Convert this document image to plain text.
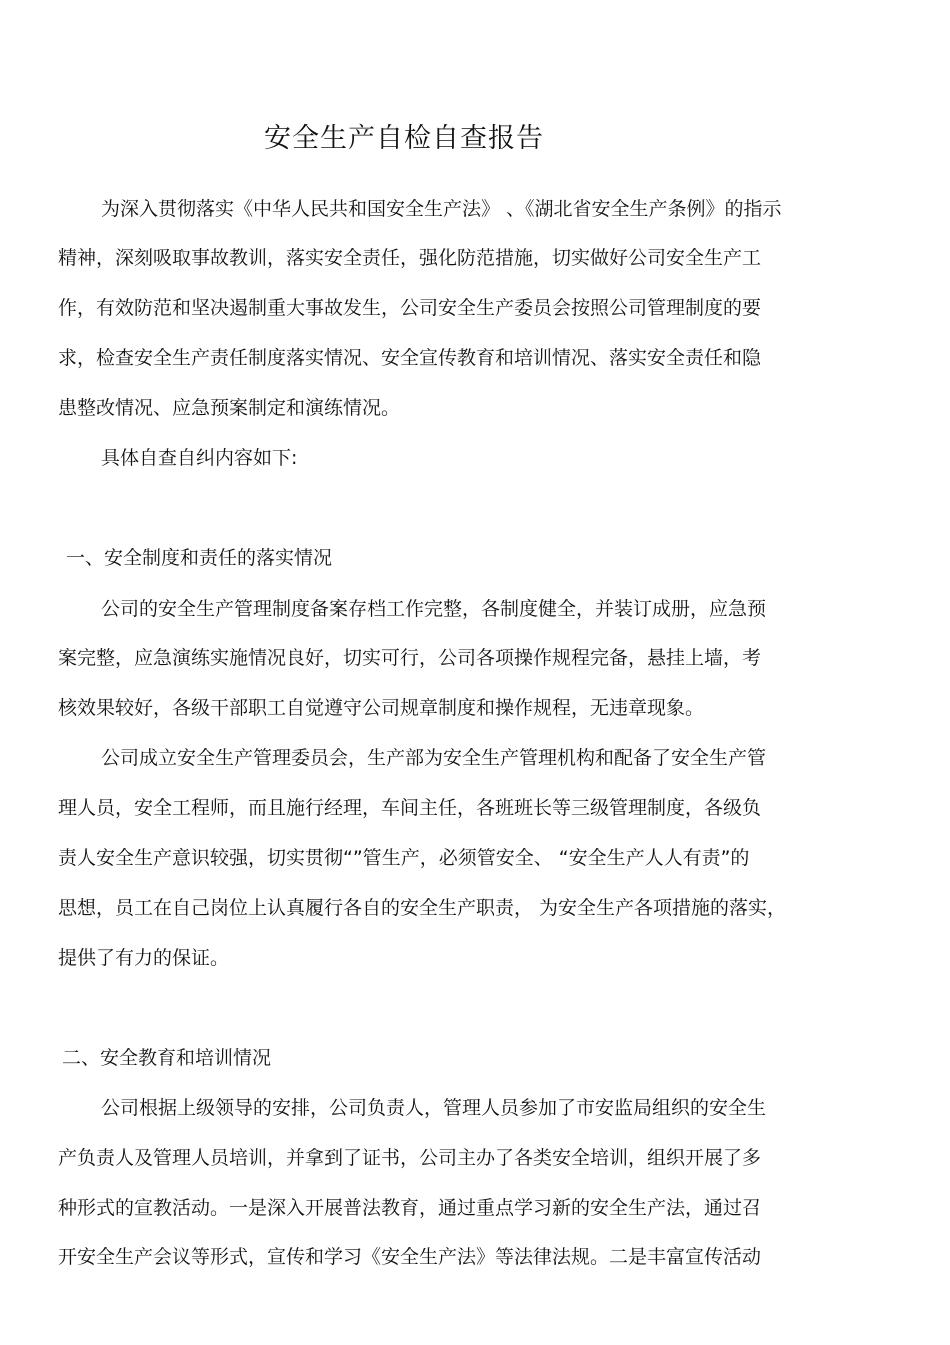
安全生产自检自查报告
为深入贯彻落实《中华人民共和国安全生产法》 、《湖北省安全生产条例》的指示
精神，深刻吸取事故教训，落实安全责任，强化防范措施，切实做好公司安全生产工
作，有效防范和坚决遏制重大事故发生，公司安全生产委员会按照公司管理制度的要
求，检查安全生产责任制度落实情况、安全宣传教育和培训情况、落实安全责任和隐
患整改情况、应急预案制定和演练情况。
具体自查自纠内容如下:
一、安全制度和责任的落实情况
公司的安全生产管理制度备案存档工作完整，各制度健全，并装订成册，应急预
案完整，应急演练实施情况良好，切实可行，公司各项操作规程完备，悬挂上墙，考
核效果较好，各级干部职工自觉遵守公司规章制度和操作规程，无违章现象。
公司成立安全生产管理委员会，生产部为安全生产管理机构和配备了安全生产管
理人员，安全工程师，而且施行经理，车间主任，各班班长等三级管理制度，各级负
责人安全生产意识较强，切实贯彻“”管生产，必须管安全、 “安全生产人人有责”的
思想，员工在自己岗位上认真履行各自的安全生产职责， 为安全生产各项措施的落实，
提供了有力的保证。
二、安全教育和培训情况
公司根据上级领导的安排，公司负责人，管理人员参加了市安监局组织的安全生
产负责人及管理人员培训，并拿到了证书，公司主办了各类安全培训，组织开展了多
种形式的宣教活动。一是深入开展普法教育，通过重点学习新的安全生产法，通过召
开安全生产会议等形式，宣传和学习《安全生产法》等法律法规。二是丰富宣传活动
